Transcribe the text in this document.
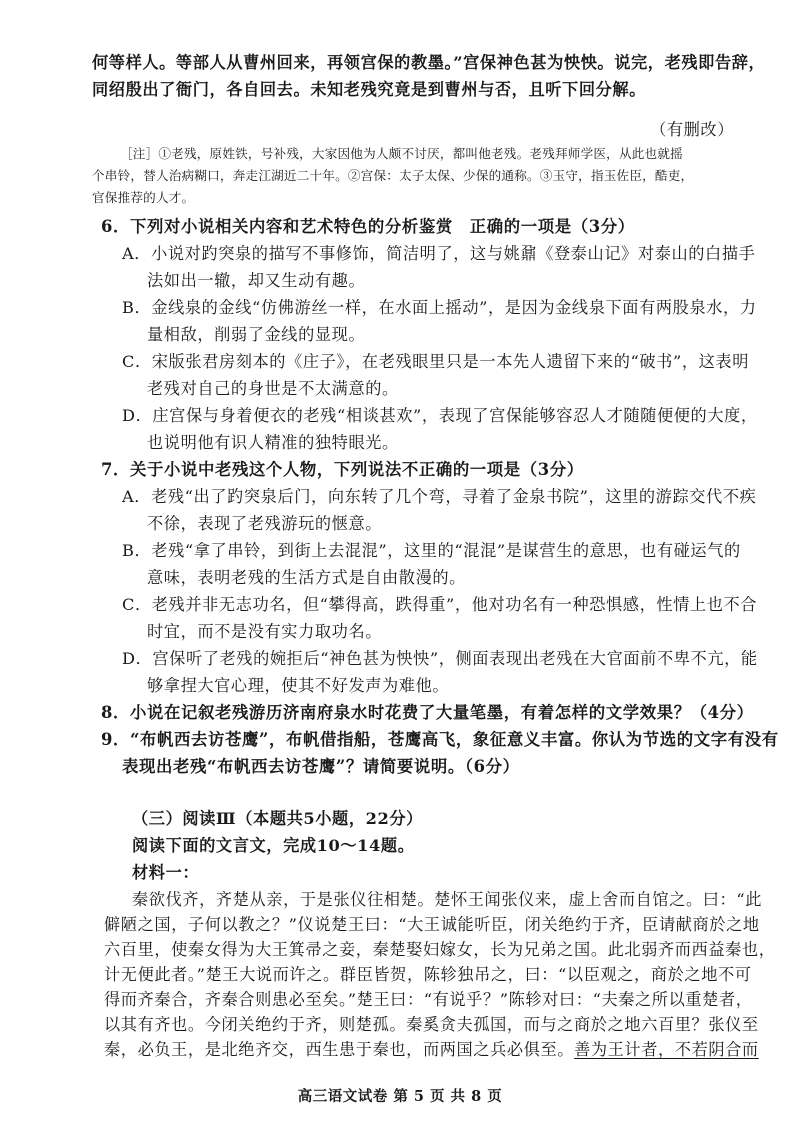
何等样人。等部人从曹州回来，再领宫保的教墨。”宫保神色甚为怏怏。说完，老残即告辞，
同绍殷出了衙门，各自回去。未知老残究竟是到曹州与否，且听下回分解。
（有删改）
［注］①老残，原姓铁，号补残，大家因他为人颇不讨厌，都叫他老残。老残拜师学医，从此也就摇
个串铃，替人治病糊口，奔走江湖近二十年。②宫保：太子太保、少保的通称。③玉守，指玉佐臣，酷吏，
官保推荐的人才。
6．下列对小说相关内容和艺术特色的分析鉴赏　正确的一项是（3分）
A．小说对趵突泉的描写不事修饰，简洁明了，这与姚鼐《登泰山记》对泰山的白描手
法如出一辙，却又生动有趣。
B．金线泉的金线“仿佛游丝一样，在水面上摇动”，是因为金线泉下面有两股泉水，力
量相敌，削弱了金线的显现。
C．宋版张君房刻本的《庄子》，在老残眼里只是一本先人遗留下来的“破书”，这表明
老残对自己的身世是不太满意的。
D．庄宫保与身着便衣的老残“相谈甚欢”，表现了宫保能够容忍人才随随便便的大度，
也说明他有识人精准的独特眼光。
7．关于小说中老残这个人物，下列说法不正确的一项是（3分）
A．老残“出了趵突泉后门，向东转了几个弯，寻着了金泉书院”，这里的游踪交代不疾
不徐，表现了老残游玩的惬意。
B．老残“拿了串铃，到街上去混混”，这里的“混混”是谋营生的意思，也有碰运气的
意味，表明老残的生活方式是自由散漫的。
C．老残并非无志功名，但“攀得高，跌得重”，他对功名有一种恐惧感，性情上也不合
时宜，而不是没有实力取功名。
D．宫保听了老残的婉拒后“神色甚为怏怏”，侧面表现出老残在大官面前不卑不亢，能
够拿捏大官心理，使其不好发声为难他。
8．小说在记叙老残游历济南府泉水时花费了大量笔墨，有着怎样的文学效果？（4分）
9．“布帆西去访苍鹰”，布帆借指船，苍鹰高飞，象征意义丰富。你认为节选的文字有没有
表现出老残“布帆西去访苍鹰”？请简要说明。（6分）
（三）阅读Ⅲ（本题共5小题，22分）
阅读下面的文言文，完成10～14题。
材料一：
秦欲伐齐，齐楚从亲，于是张仪往相楚。楚怀王闻张仪来，虚上舍而自馆之。曰：“此
僻陋之国，子何以教之？”仪说楚王曰：“大王诚能听臣，闭关绝约于齐，臣请献商於之地
六百里，使秦女得为大王箕帚之妾，秦楚娶妇嫁女，长为兄弟之国。此北弱齐而西益秦也，
计无便此者。”楚王大说而许之。群臣皆贺，陈轸独吊之，曰：“以臣观之，商於之地不可
得而齐秦合，齐秦合则患必至矣。”楚王曰：“有说乎？”陈轸对曰：“夫秦之所以重楚者，
高三语文试卷 第 5 页 共 8 页
以其有齐也。今闭关绝约于齐，则楚孤。秦奚贪夫孤国，而与之商於之地六百里？张仪至
秦，必负王，是北绝齐交，西生患于秦也，而两国之兵必俱至。善为王计者，不若阴合而
